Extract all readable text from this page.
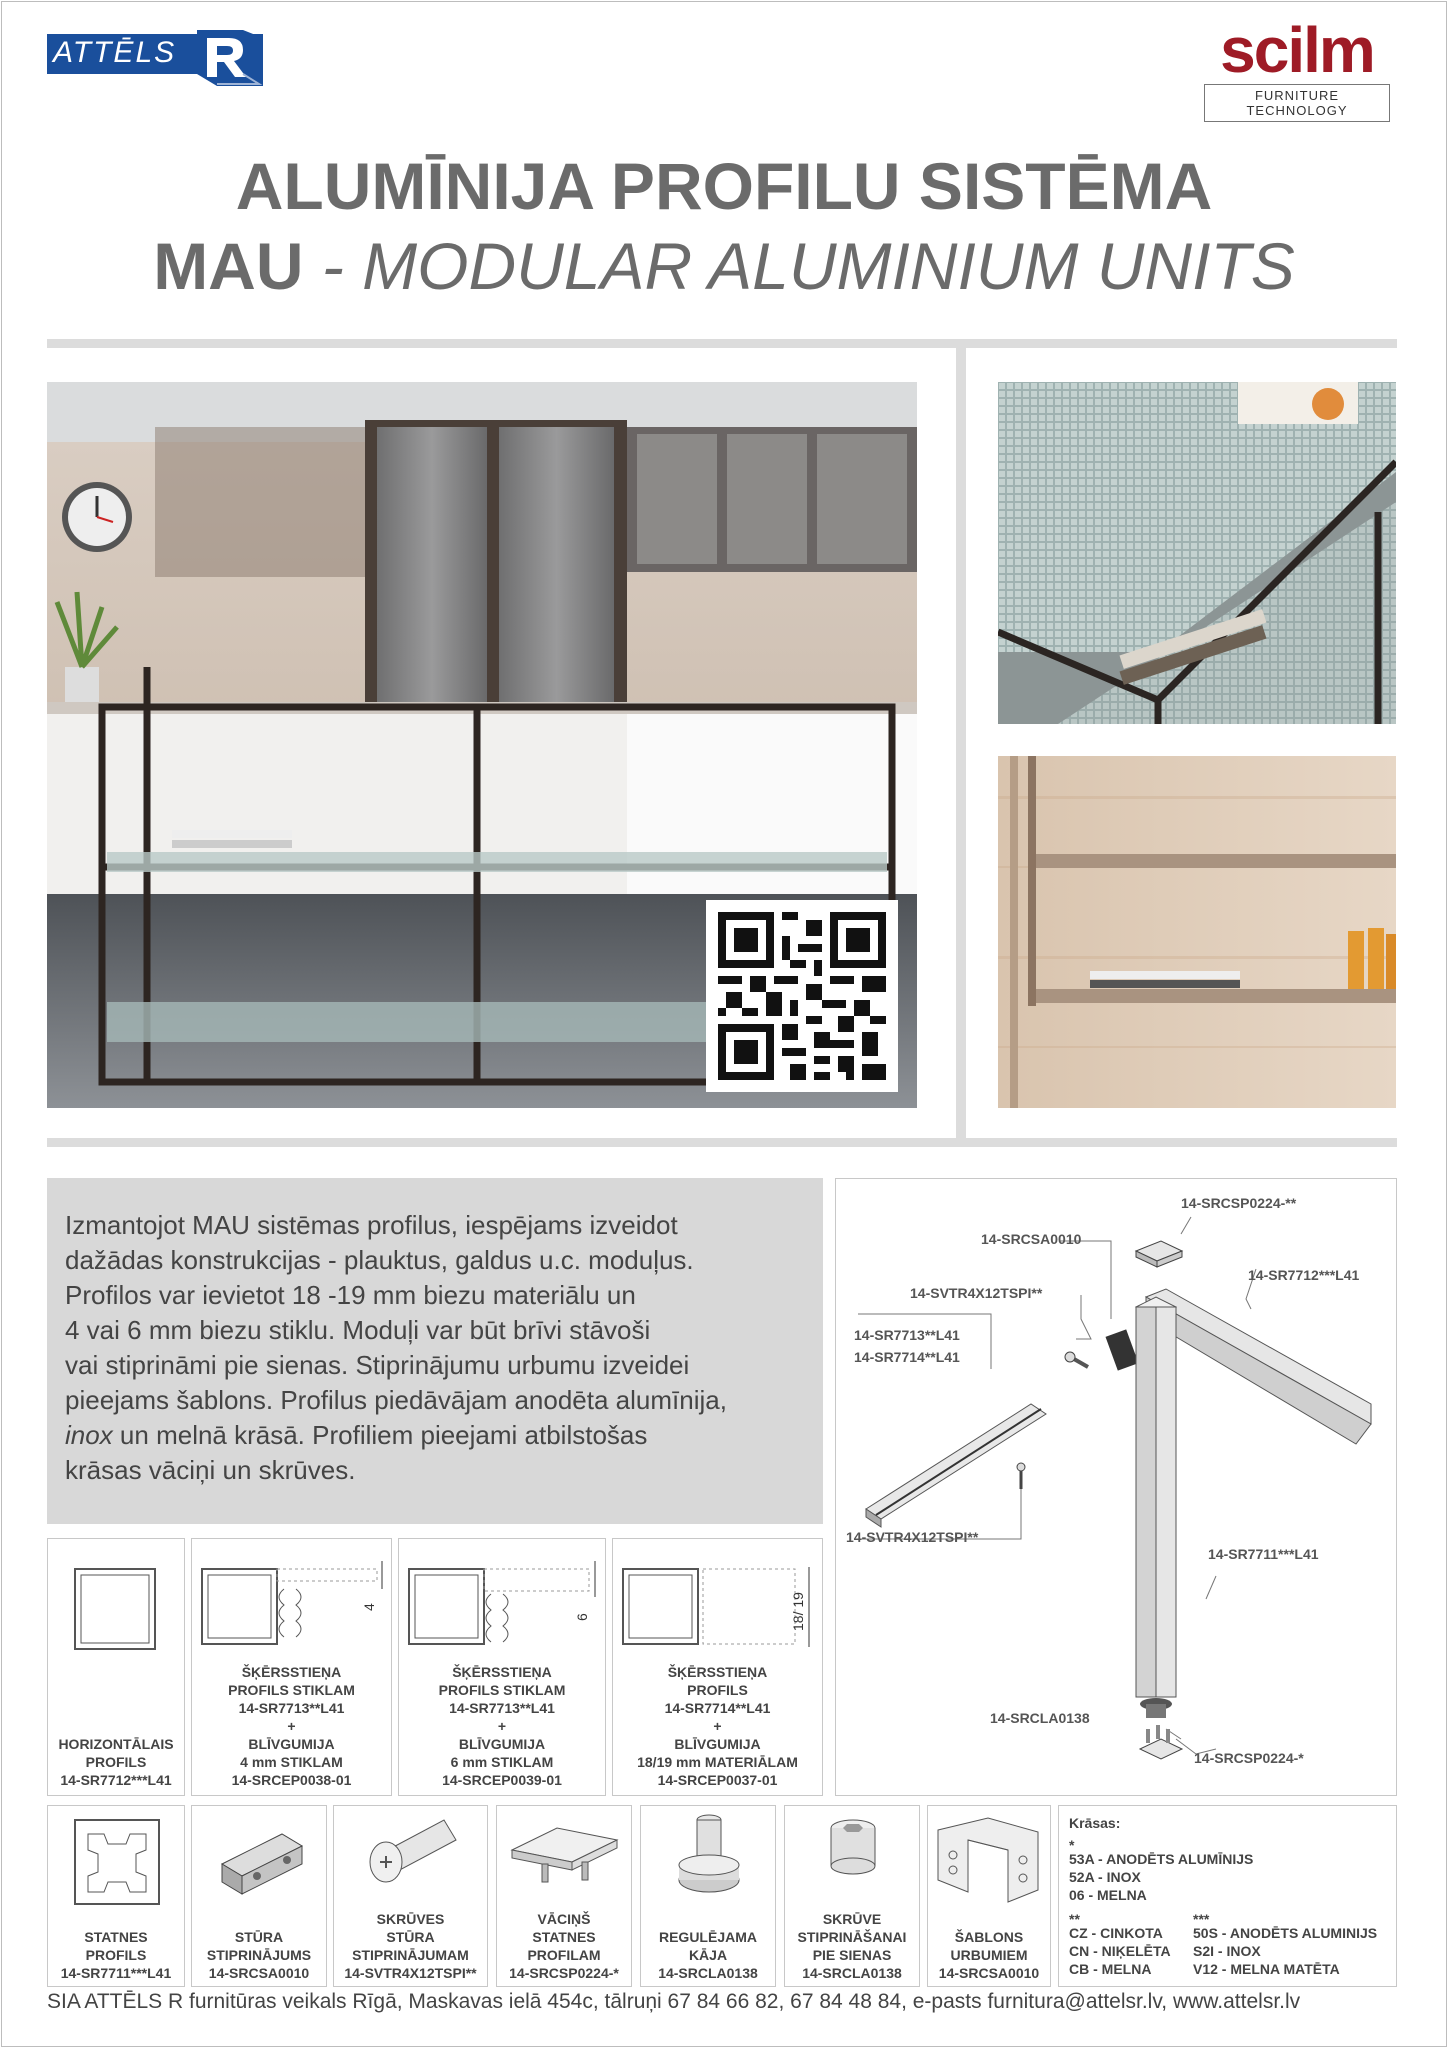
ATTĒLS	scilm
FURNITURE TECHNOLOGY
ALUMĪNIJA PROFILU SISTĒMA
MAU - MODULAR ALUMINIUM UNITS
Izmantojot MAU sistēmas profilus, iespējams izveidot
dažādas konstrukcijas - plauktus, galdus u.c. moduļus.
Profilos var ievietot 18 -19 mm biezu materiālu un
4 vai 6 mm biezu stiklu. Moduļi var būt brīvi stāvoši
vai stiprināmi pie sienas. Stiprinājumu urbumu izveidei
pieejams šablons. Profilus piedāvājam anodēta alumīnija,
inox un melnā krāsā. Profiliem pieejami atbilstošas
krāsas vāciņi un skrūves.
14-SRCSP0224-**
14-SRCSA0010
14-SR7712***L41
14-SVTR4X12TSPI**
14-SR7713**L41
14-SR7714**L41
14-SVTR4X12TSPI**
14-SR7711***L41
14-SRCLA0138
14-SRCSP0224-*
HORIZONTĀLAIS
PROFILS
14-SR7712***L41
4
ŠĶĒRSSTIEŅA
PROFILS STIKLAM
14-SR7713**L41
+
BLĪVGUMIJA
4 mm STIKLAM
14-SRCEP0038-01
6
ŠĶĒRSSTIEŅA
PROFILS STIKLAM
14-SR7713**L41
+
BLĪVGUMIJA
6 mm STIKLAM
14-SRCEP0039-01
18/ 19
ŠĶĒRSSTIEŅA
PROFILS
14-SR7714**L41
+
BLĪVGUMIJA
18/19 mm MATERIĀLAM
14-SRCEP0037-01
STATNES
PROFILS
14-SR7711***L41
STŪRA
STIPRINĀJUMS
14-SRCSA0010
SKRŪVES
STŪRA
STIPRINĀJUMAM
14-SVTR4X12TSPI**
VĀCIŅŠ
STATNES
PROFILAM
14-SRCSP0224-*
REGULĒJAMA
KĀJA
14-SRCLA0138
SKRŪVE
STIPRINĀŠANAI
PIE SIENAS
14-SRCLA0138
ŠABLONS
URBUMIEM
14-SRCSA0010
Krāsas:
*
53A - ANODĒTS ALUMĪNIJS
52A - INOX
06 - MELNA
**
CZ - CINKOTA
CN - NIĶELĒTA
CB - MELNA
***
50S - ANODĒTS ALUMINIJS
S2I - INOX
V12 - MELNA MATĒTA
SIA ATTĒLS R furnitūras veikals Rīgā, Maskavas ielā 454c, tālruņi 67 84 66 82, 67 84 48 84, e-pasts furnitura@attelsr.lv, www.attelsr.lv
